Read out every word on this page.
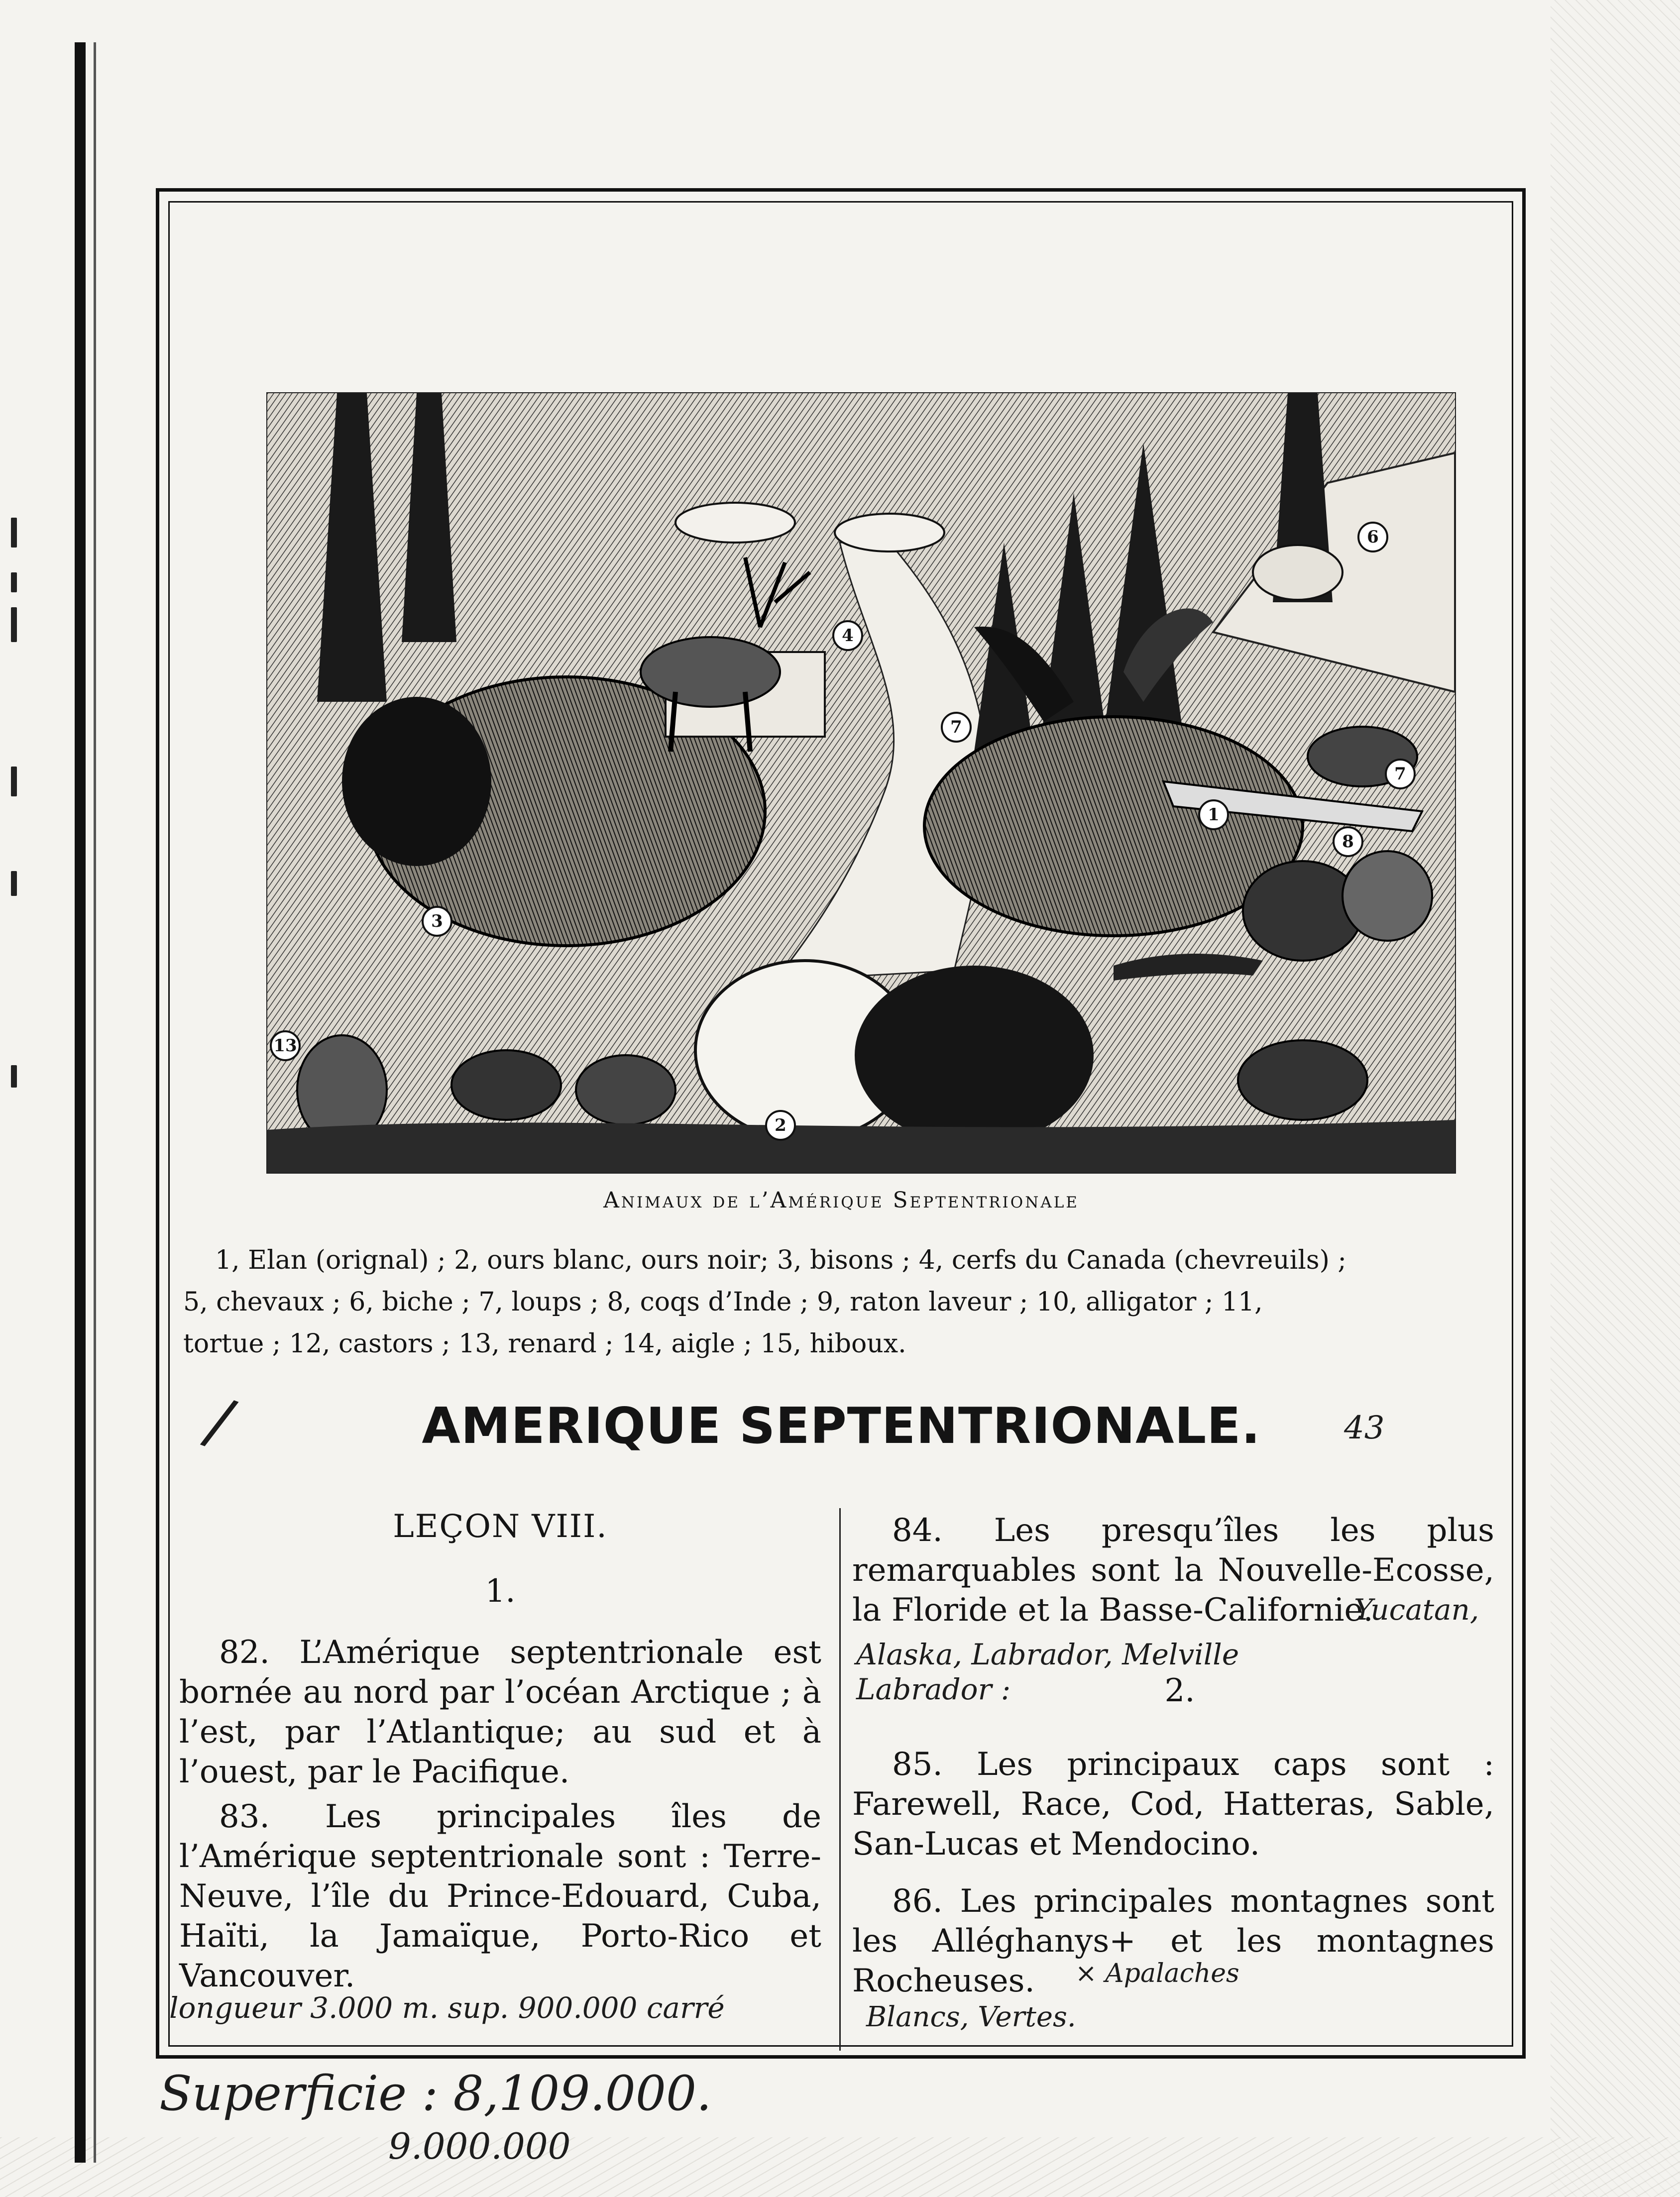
4
6
7
7
1
8
3
13
2
Animaux de l’Amérique Septentrionale
1, Elan (orignal) ; 2, ours blanc, ours noir; 3, bisons ; 4, cerfs du Canada (chevreuils) ;
5, chevaux ; 6, biche ; 7, loups ; 8, coqs d’Inde ; 9, raton laveur ; 10, alligator ; 11,
tortue ; 12, castors ; 13, renard ; 14, aigle ; 15, hiboux.
AMERIQUE SEPTENTRIONALE.	43
/
LEÇON VIII.
1.
82. L’Amérique septentrionale est bornée au nord par l’océan Arctique ; à l’est, par l’Atlantique; au sud et à l’ouest, par le Pacifique.
83. Les principales îles de l’Amérique septentrionale sont : Terre-Neuve, l’île du Prince-Edouard, Cuba, Haïti, la Jamaïque, Porto-Rico et Vancouver.
longueur 3.000 m. sup. 900.000 carré
84. Les presqu’îles les plus remarquables sont la Nouvelle-Ecosse, la Floride et la Basse-Californie.
Yucatan,
Alaska, Labrador, Melville
Labrador :	2.
85. Les principaux caps sont : Farewell, Race, Cod, Hatteras, Sable, San-Lucas et Mendocino.
86. Les principales montagnes sont les Alléghanys+ et les montagnes Rocheuses.	× Apalaches
Blancs, Vertes.
Superficie : 8,109.000.
9.000.000
